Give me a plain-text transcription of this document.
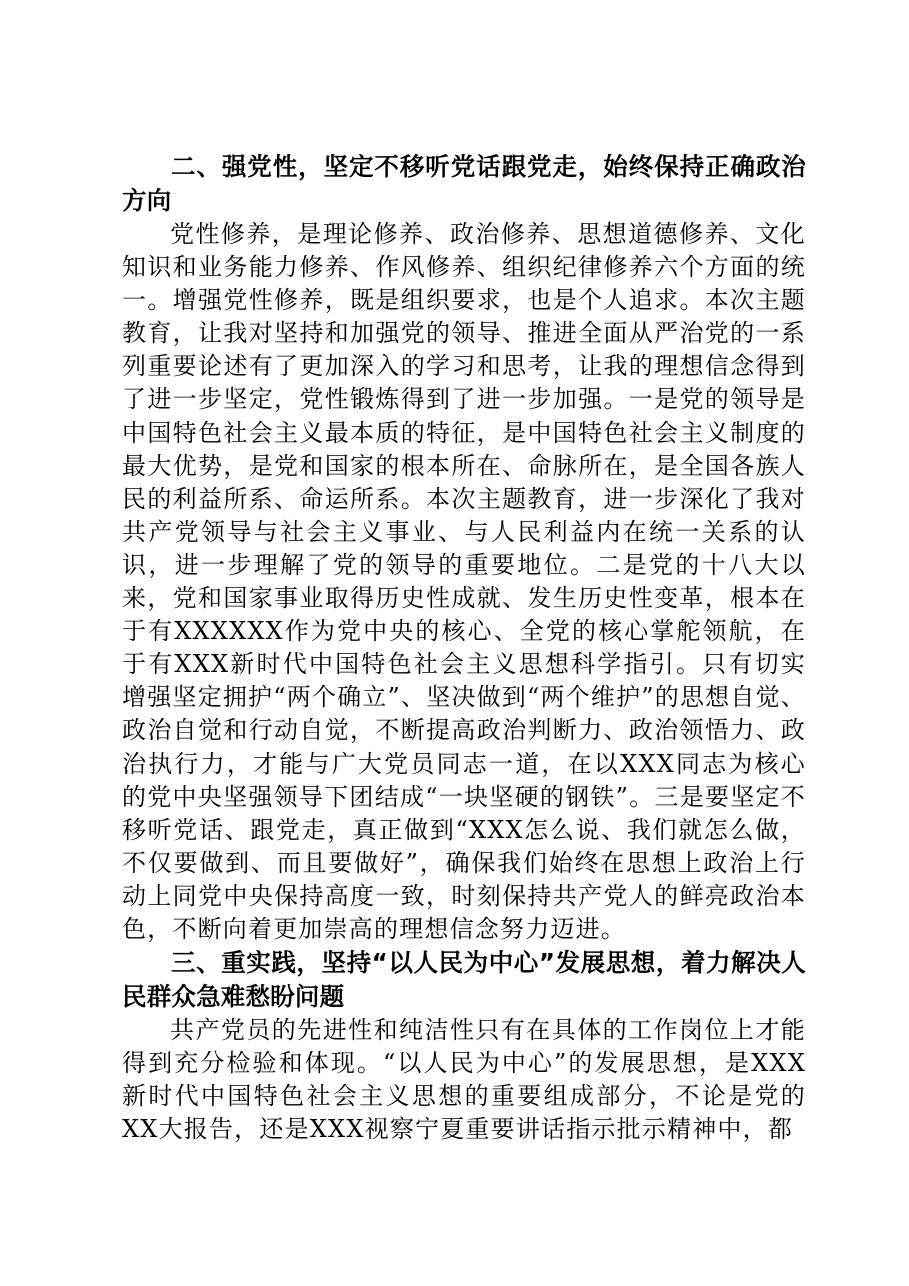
二、强党性，坚定不移听党话跟党走，始终保持正确政治方向

党性修养，是理论修养、政治修养、思想道德修养、文化知识和业务能力修养、作风修养、组织纪律修养六个方面的统一。增强党性修养，既是组织要求，也是个人追求。本次主题教育，让我对坚持和加强党的领导、推进全面从严治党的一系列重要论述有了更加深入的学习和思考，让我的理想信念得到了进一步坚定，党性锻炼得到了进一步加强。一是党的领导是中国特色社会主义最本质的特征，是中国特色社会主义制度的最大优势，是党和国家的根本所在、命脉所在，是全国各族人民的利益所系、命运所系。本次主题教育，进一步深化了我对共产党领导与社会主义事业、与人民利益内在统一关系的认识，进一步理解了党的领导的重要地位。二是党的十八大以来，党和国家事业取得历史性成就、发生历史性变革，根本在于有XXXXXX作为党中央的核心、全党的核心掌舵领航，在于有XXX新时代中国特色社会主义思想科学指引。只有切实增强坚定拥护“两个确立”、坚决做到“两个维护”的思想自觉、政治自觉和行动自觉，不断提高政治判断力、政治领悟力、政治执行力，才能与广大党员同志一道，在以XXX同志为核心的党中央坚强领导下团结成“一块坚硬的钢铁”。三是要坚定不移听党话、跟党走，真正做到“XXX怎么说、我们就怎么做，不仅要做到、而且要做好”，确保我们始终在思想上政治上行动上同党中央保持高度一致，时刻保持共产党人的鲜亮政治本色，不断向着更加崇高的理想信念努力迈进。

三、重实践，坚持“以人民为中心”发展思想，着力解决人民群众急难愁盼问题

共产党员的先进性和纯洁性只有在具体的工作岗位上才能得到充分检验和体现。“以人民为中心”的发展思想，是XXX新时代中国特色社会主义思想的重要组成部分，不论是党的XX大报告，还是XXX视察宁夏重要讲话指示批示精神中，都
